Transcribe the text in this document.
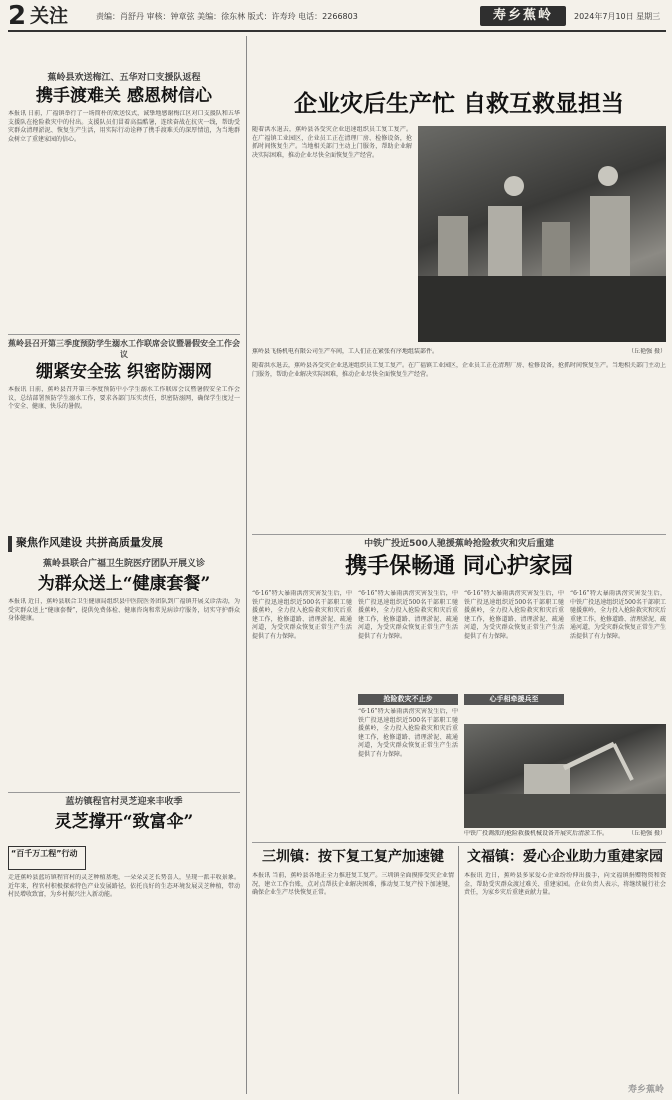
2 关注	责编：肖舒丹 审核：钟章弦 美编：徐东林 版式：许寿玲 电话：2266803	寿乡蕉岭	2024年7月10日 星期三
蕉岭县欢送梅江、五华对口支援队返程
携手渡难关 感恩树信心
本报讯 日前，广福镇举行了一场简朴的欢送仪式，诚挚地感谢梅江区对口支援队和五华支援队在抢险救灾中的付出。支援队员们冒着高温酷暑，连续奋战在抗灾一线，帮助受灾群众清理淤泥、恢复生产生活，用实际行动诠释了携手渡难关的深厚情谊，为当地群众树立了重建家园的信心。
蕉岭县召开第三季度预防学生溺水工作联席会议暨暑假安全工作会议
绷紧安全弦 织密防溺网
本报讯 日前，蕉岭县召开第三季度预防中小学生溺水工作联席会议暨暑假安全工作会议，总结部署预防学生溺水工作，要求各部门压实责任，织密防溺网，确保学生度过一个安全、健康、快乐的暑假。
聚焦作风建设 共拼高质量发展
蕉岭县联合广福卫生院医疗团队开展义诊
为群众送上“健康套餐”
本报讯 近日，蕉岭县联合卫生健康局组织县中医院医务团队到广福镇开展义诊活动，为受灾群众送上“健康套餐”，提供免费体检、健康咨询和常见病诊疗服务，切实守护群众身体健康。
蓝坊镇程官村灵芝迎来丰收季
灵芝撑开“致富伞”
“百千万工程”行动
走进蕉岭县蓝坊镇程官村的灵芝种植基地，一朵朵灵芝长势喜人，呈现一派丰收景象。近年来，程官村积极探索特色产业发展路径，依托良好的生态环境发展灵芝种植，带动村民增收致富，为乡村振兴注入新动能。
企业灾后生产忙 自救互救显担当
随着洪水退去，蕉岭县各受灾企业迅速组织员工复工复产。在广福镇工业园区，企业员工正在清理厂房、检修设备，抢抓时间恢复生产。当地相关部门主动上门服务，帮助企业解决实际困难，推动企业尽快全面恢复生产经营。
蕉岭县飞扬机电有限公司生产车间，工人们正在紧张有序地组装部件。	（丘艳强 摄）
随着洪水退去，蕉岭县各受灾企业迅速组织员工复工复产。在广福镇工业园区，企业员工正在清理厂房、检修设备，抢抓时间恢复生产。当地相关部门主动上门服务，帮助企业解决实际困难，推动企业尽快全面恢复生产经营。
中铁广投近500人驰援蕉岭抢险救灾和灾后重建
携手保畅通 同心护家园
“6·16”特大暴雨洪涝灾害发生后，中铁广投迅速组织近500名干部职工驰援蕉岭，全力投入抢险救灾和灾后重建工作，抢修道路、清理淤泥、疏通河道，为受灾群众恢复正常生产生活提供了有力保障。
“6·16”特大暴雨洪涝灾害发生后，中铁广投迅速组织近500名干部职工驰援蕉岭，全力投入抢险救灾和灾后重建工作，抢修道路、清理淤泥、疏通河道，为受灾群众恢复正常生产生活提供了有力保障。
抢险救灾不止步
“6·16”特大暴雨洪涝灾害发生后，中铁广投迅速组织近500名干部职工驰援蕉岭，全力投入抢险救灾和灾后重建工作，抢修道路、清理淤泥、疏通河道，为受灾群众恢复正常生产生活提供了有力保障。
心手相牵援兵至
“6·16”特大暴雨洪涝灾害发生后，中铁广投迅速组织近500名干部职工驰援蕉岭，全力投入抢险救灾和灾后重建工作，抢修道路、清理淤泥、疏通河道，为受灾群众恢复正常生产生活提供了有力保障。
“6·16”特大暴雨洪涝灾害发生后，中铁广投迅速组织近500名干部职工驰援蕉岭，全力投入抢险救灾和灾后重建工作，抢修道路、清理淤泥、疏通河道，为受灾群众恢复正常生产生活提供了有力保障。
中铁广投调派的抢险救援机械设备开展灾后清淤工作。	（丘艳强 摄）
三圳镇：按下复工复产加速键
本报讯 当前，蕉岭县各地正全力推进复工复产。三圳镇全面摸排受灾企业情况，建立工作台账，点对点帮扶企业解决困难，推动复工复产按下加速键，确保企业生产尽快恢复正常。
文福镇：爱心企业助力重建家园
本报讯 近日，蕉岭县多家爱心企业纷纷伸出援手，向文福镇捐赠物资和资金，帮助受灾群众渡过难关、重建家园。企业负责人表示，将继续履行社会责任，为家乡灾后重建贡献力量。
寿乡蕉岭
